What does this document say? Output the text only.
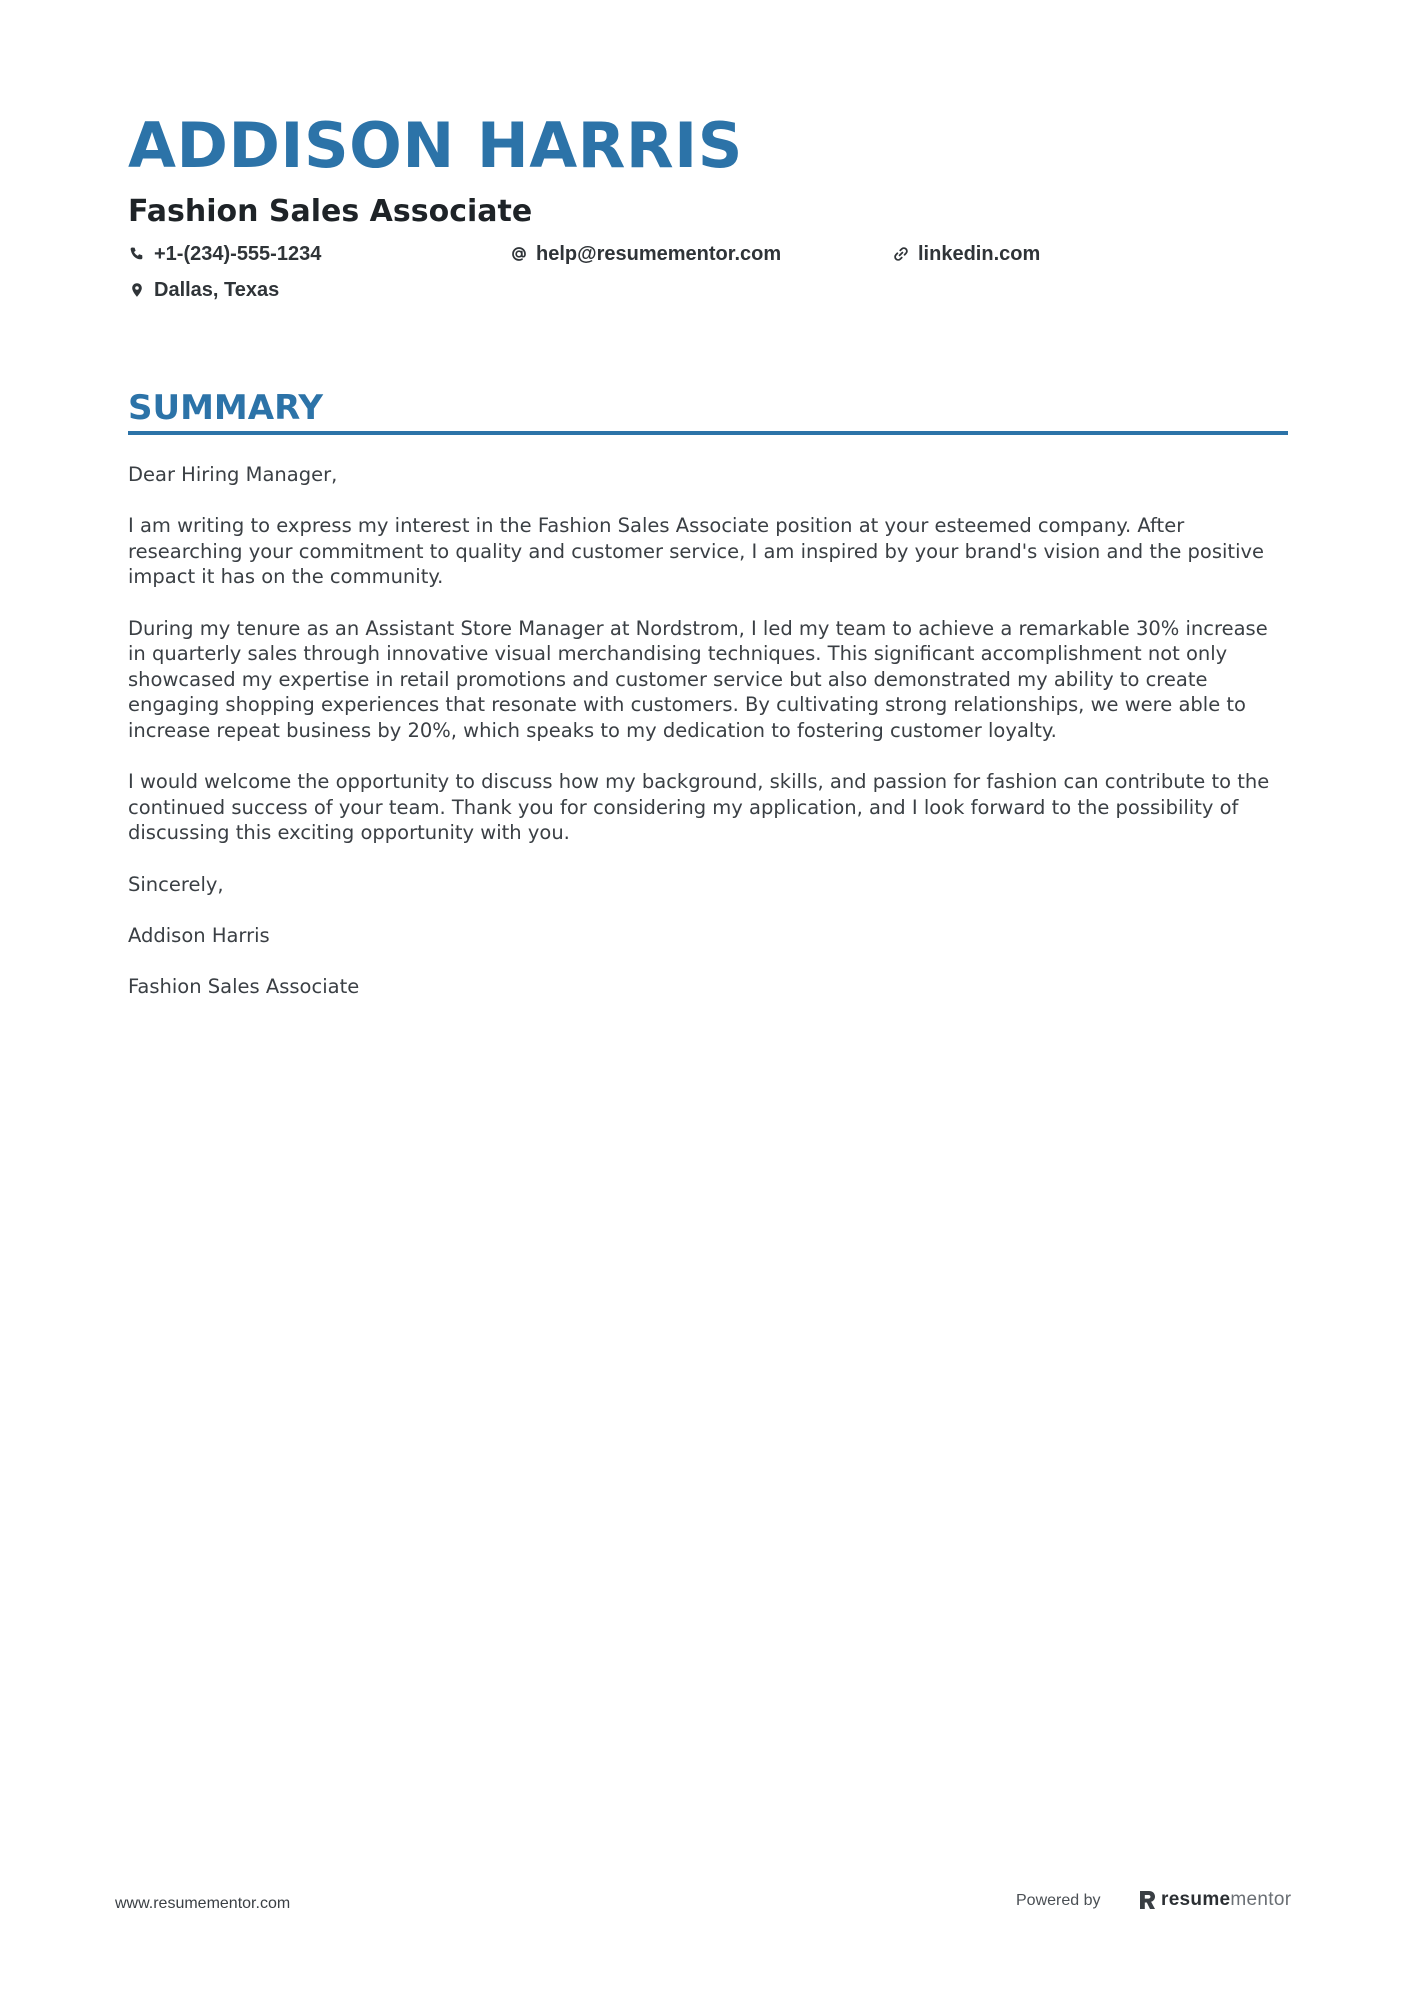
ADDISON HARRIS
Fashion Sales Associate
+1-(234)-555-1234	help@resumementor.com	linkedin.com
Dallas, Texas
SUMMARY

Dear Hiring Manager,

I am writing to express my interest in the Fashion Sales Associate position at your esteemed company. After researching your commitment to quality and customer service, I am inspired by your brand's vision and the positive impact it has on the community.

During my tenure as an Assistant Store Manager at Nordstrom, I led my team to achieve a remarkable 30% increase in quarterly sales through innovative visual merchandising techniques. This significant accomplishment not only showcased my expertise in retail promotions and customer service but also demonstrated my ability to create engaging shopping experiences that resonate with customers. By cultivating strong relationships, we were able to increase repeat business by 20%, which speaks to my dedication to fostering customer loyalty.

I would welcome the opportunity to discuss how my background, skills, and passion for fashion can contribute to the continued success of your team. Thank you for considering my application, and I look forward to the possibility of discussing this exciting opportunity with you.

Sincerely,

Addison Harris

Fashion Sales Associate

www.resumementor.com	Powered by	resumementor
